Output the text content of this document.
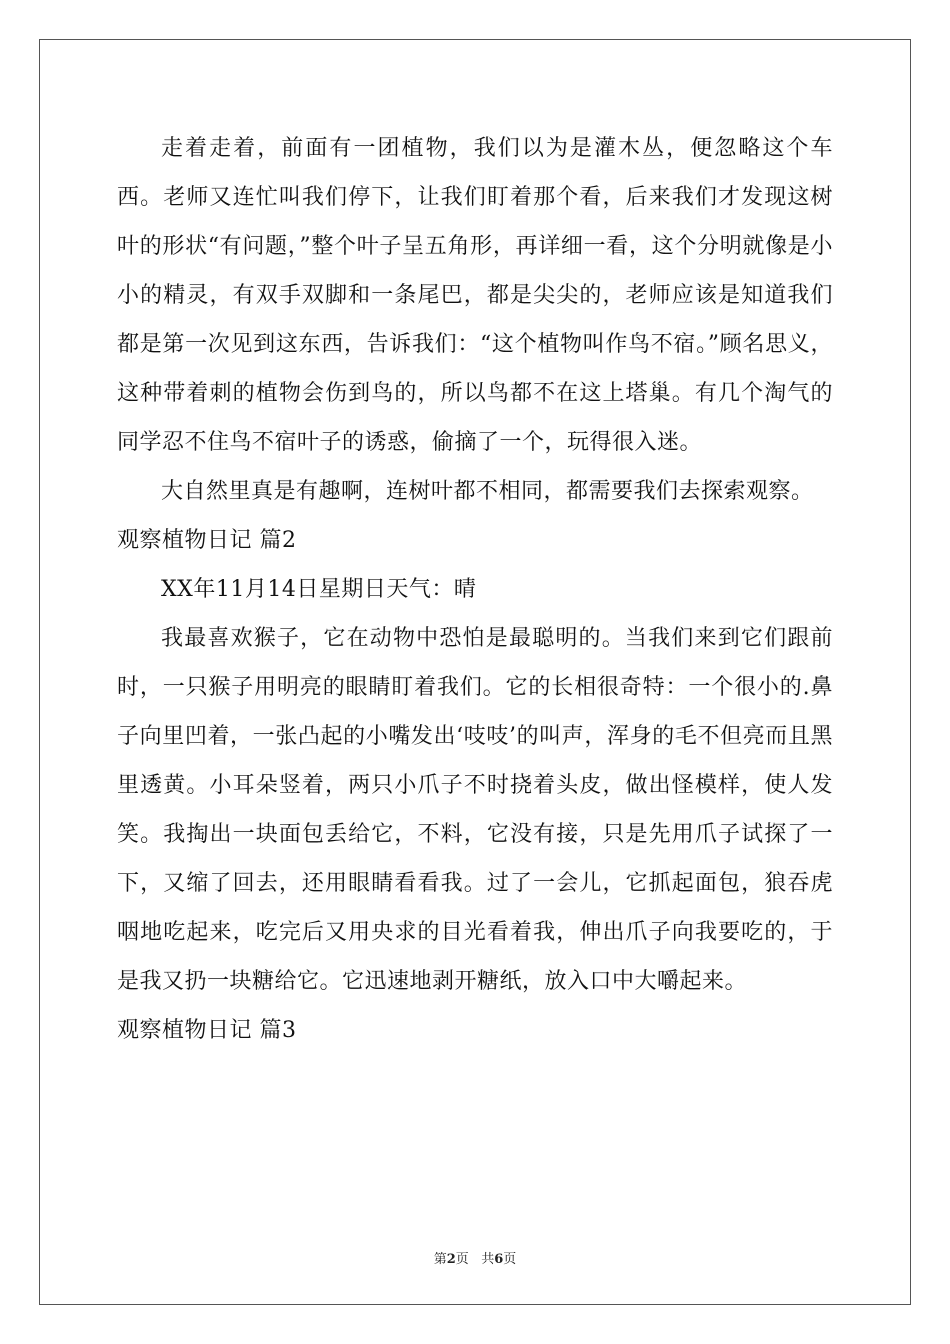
走着走着，前面有一团植物，我们以为是灌木丛，便忽略这个车西。老师又连忙叫我们停下，让我们盯着那个看，后来我们才发现这树叶的形状“有问题，”整个叶子呈五角形，再详细一看，这个分明就像是小小的精灵，有双手双脚和一条尾巴，都是尖尖的，老师应该是知道我们都是第一次见到这东西，告诉我们：“这个植物叫作鸟不宿。”顾名思义，这种带着刺的植物会伤到鸟的，所以鸟都不在这上塔巢。有几个淘气的同学忍不住鸟不宿叶子的诱惑，偷摘了一个，玩得很入迷。

大自然里真是有趣啊，连树叶都不相同，都需要我们去探索观察。

观察植物日记 篇2

XX年11月14日星期日天气：晴

我最喜欢猴子，它在动物中恐怕是最聪明的。当我们来到它们跟前时，一只猴子用明亮的眼睛盯着我们。它的长相很奇特：一个很小的.鼻子向里凹着，一张凸起的小嘴发出‘吱吱’的叫声，浑身的毛不但亮而且黑里透黄。小耳朵竖着，两只小爪子不时挠着头皮，做出怪模样，使人发笑。我掏出一块面包丢给它，不料，它没有接，只是先用爪子试探了一下，又缩了回去，还用眼睛看看我。过了一会儿，它抓起面包，狼吞虎咽地吃起来，吃完后又用央求的目光看着我，伸出爪子向我要吃的，于是我又扔一块糖给它。它迅速地剥开糖纸，放入口中大嚼起来。

观察植物日记 篇3

第2页   共6页
